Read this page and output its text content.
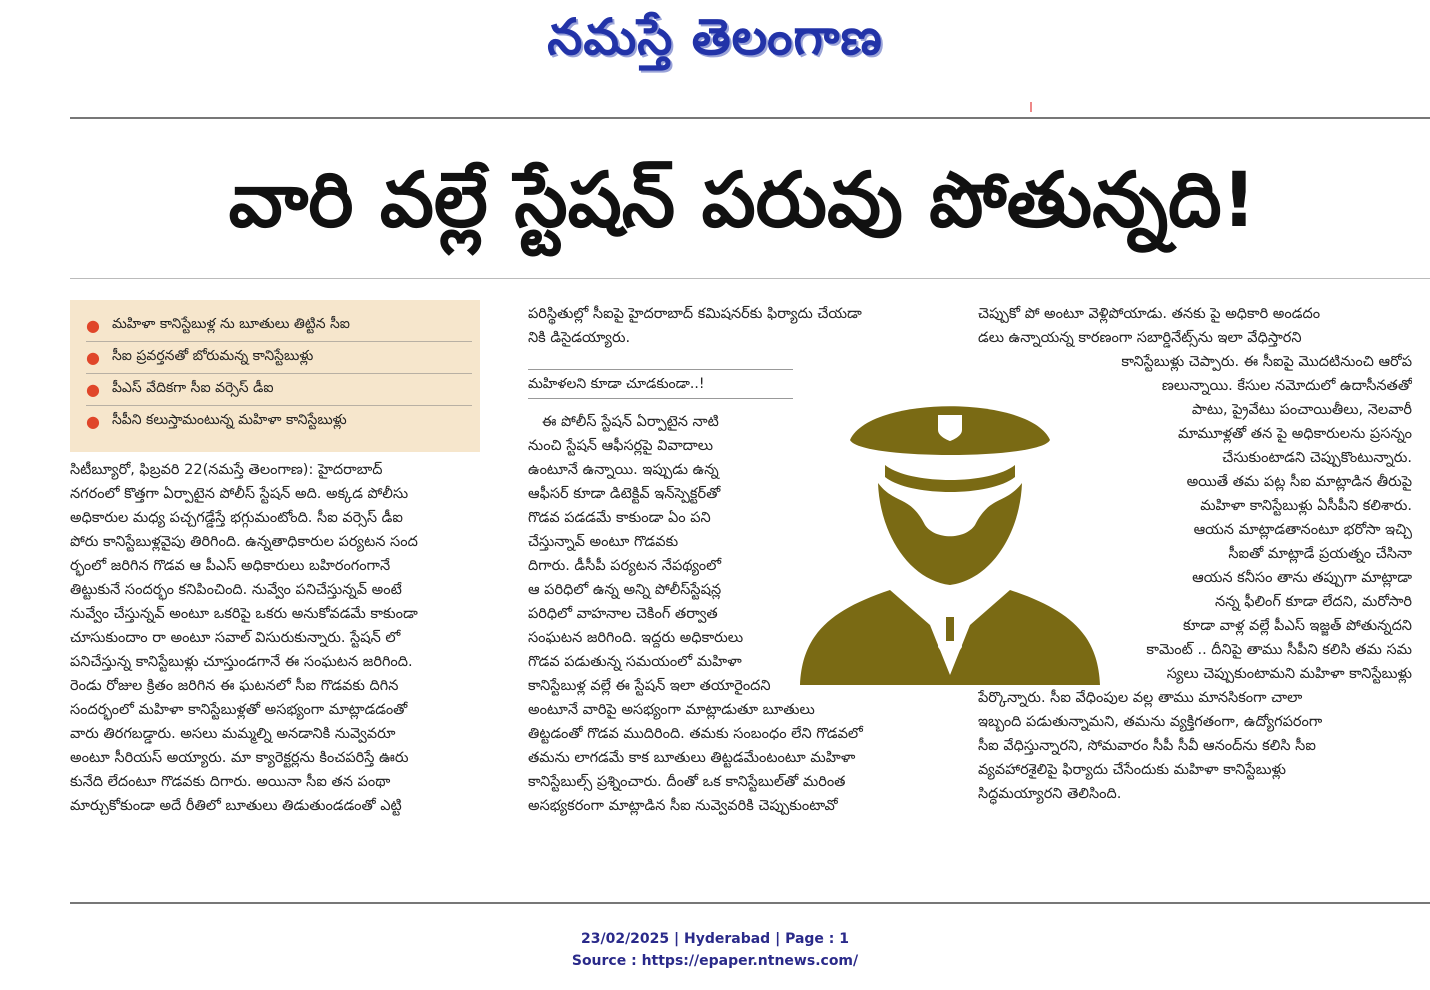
నమస్తే తెలంగాణ
వారి వల్లే స్టేషన్ పరువు పోతున్నది!
● మహిళా కానిస్టేబుళ్ల ను బూతులు తిట్టిన సీఐ
● సీఐ ప్రవర్తనతో బోరుమన్న కానిస్టేబుళ్లు
● పీఎస్ వేదికగా సీఐ వర్సెస్ డీఐ
● సీపీని కలుస్తామంటున్న మహిళా కానిస్టేబుళ్లు
సిటీబ్యూరో, ఫిబ్రవరి 22(నమస్తే తెలంగాణ): హైదరాబాద్
నగరంలో కొత్తగా ఏర్పాటైన పోలీస్ స్టేషన్ అది. అక్కడ పోలీసు
అధికారుల మధ్య పచ్చగడ్డేస్తే భగ్గుమంటోంది. సీఐ వర్సెస్ డీఐ
పోరు కానిస్టేబుళ్లవైపు తిరిగింది. ఉన్నతాధికారుల పర్యటన సంద
ర్భంలో జరిగిన గొడవ ఆ పీఎస్ అధికారులు బహిరంగంగానే
తిట్టుకునే సందర్భం కనిపించింది. నువ్వేం పనిచేస్తున్నవ్ అంటే
నువ్వేం చేస్తున్నవ్ అంటూ ఒకరిపై ఒకరు అనుకోవడమే కాకుండా
చూసుకుందాం రా అంటూ సవాల్ విసురుకున్నారు. స్టేషన్ లో
పనిచేస్తున్న కానిస్టేబుళ్లు చూస్తుండగానే ఈ సంఘటన జరిగింది.
రెండు రోజుల క్రితం జరిగిన ఈ ఘటనలో సీఐ గొడవకు దిగిన
సందర్భంలో మహిళా కానిస్టేబుళ్లతో అసభ్యంగా మాట్లాడడంతో
వారు తిరగబడ్డారు. అసలు మమ్మల్ని అనడానికి నువ్వెవరూ
అంటూ సీరియస్ అయ్యారు. మా క్యారెక్టర్లను కించపరిస్తే ఊరు
కునేది లేదంటూ గొడవకు దిగారు. అయినా సీఐ తన పంథా
మార్చుకోకుండా అదే రీతిలో బూతులు తిడుతుండడంతో ఎట్టి
పరిస్థితుల్లో సీఐపై హైదరాబాద్ కమిషనర్‌కు ఫిర్యాదు చేయడా
నికి డిసైడయ్యారు.
మహిళలని కూడా చూడకుండా..!
ఈ పోలీస్ స్టేషన్ ఏర్పాటైన నాటి
నుంచి స్టేషన్ ఆఫీసర్లపై వివాదాలు
ఉంటూనే ఉన్నాయి. ఇప్పుడు ఉన్న
ఆఫీసర్ కూడా డిటెక్టివ్ ఇన్‌స్పెక్టర్‌తో
గొడవ పడడమే కాకుండా ఏం పని
చేస్తున్నావ్ అంటూ గొడవకు
దిగారు. డీసీపీ పర్యటన నేపథ్యంలో
ఆ పరిధిలో ఉన్న అన్ని పోలీస్‌స్టేషన్ల
పరిధిలో వాహనాల చెకింగ్ తర్వాత
సంఘటన జరిగింది. ఇద్దరు అధికారులు
గొడవ పడుతున్న సమయంలో మహిళా
కానిస్టేబుళ్ల వల్లే ఈ స్టేషన్ ఇలా తయారైందని
అంటూనే వారిపై అసభ్యంగా మాట్లాడుతూ బూతులు
తిట్టడంతో గొడవ ముదిరింది. తమకు సంబంధం లేని గొడవలో
తమను లాగడమే కాక బూతులు తిట్టడమేంటంటూ మహిళా
కానిస్టేబుల్స్ ప్రశ్నించారు. దీంతో ఒక కానిస్టేబుల్‌తో మరింత
అసభ్యకరంగా మాట్లాడిన సీఐ నువ్వెవరికి చెప్పుకుంటావో
చెప్పుకో పో అంటూ వెళ్లిపోయాడు. తనకు పై అధికారి అండదం
డలు ఉన్నాయన్న కారణంగా సబార్డినేట్స్‌ను ఇలా వేధిస్తారని
కానిస్టేబుళ్లు చెప్పారు. ఈ సీఐపై మొదటినుంచి ఆరోప
ణలున్నాయి. కేసుల నమోదులో ఉదాసీనతతో
పాటు, ప్రైవేటు పంచాయితీలు, నెలవారీ
మామూళ్లతో తన పై అధికారులను ప్రసన్నం
చేసుకుంటాడని చెప్పుకొంటున్నారు.
అయితే తమ పట్ల సీఐ మాట్లాడిన తీరుపై
మహిళా కానిస్టేబుళ్లు ఏసీపీని కలిశారు.
ఆయన మాట్లాడతానంటూ భరోసా ఇచ్చి
సీఐతో మాట్లాడే ప్రయత్నం చేసినా
ఆయన కనీసం తాను తప్పుగా మాట్లాడా
నన్న ఫీలింగ్ కూడా లేదని, మరోసారి
కూడా వాళ్ల వల్లే పీఎస్ ఇజ్జత్ పోతున్నదని
కామెంట్ .. దీనిపై తాము సీపీని కలిసి తమ సమ
స్యలు చెప్పుకుంటామని మహిళా కానిస్టేబుళ్లు
పేర్కొన్నారు. సీఐ వేధింపుల వల్ల తాము మానసికంగా చాలా
ఇబ్బంది పడుతున్నామని, తమను వ్యక్తిగతంగా, ఉద్యోగపరంగా
సీఐ వేధిస్తున్నారని, సోమవారం సీపీ సీవీ ఆనంద్‌ను కలిసి సీఐ
వ్యవహారశైలిపై ఫిర్యాదు చేసేందుకు మహిళా కానిస్టేబుళ్లు
సిద్ధమయ్యారని తెలిసింది.
23/02/2025 | Hyderabad | Page : 1
Source : https://epaper.ntnews.com/
